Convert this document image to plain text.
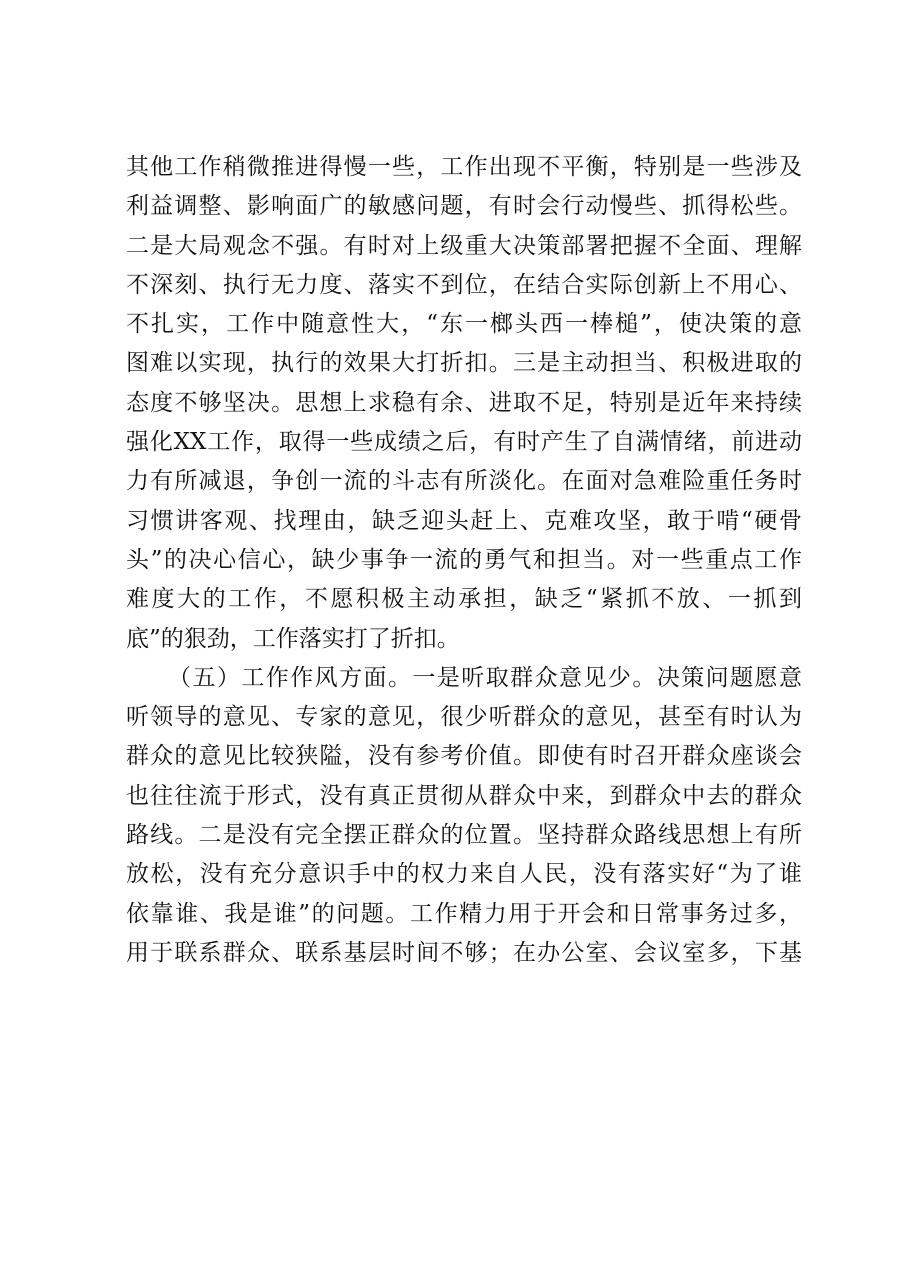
其他工作稍微推进得慢一些，工作出现不平衡，特别是一些涉及
利益调整、影响面广的敏感问题，有时会行动慢些、抓得松些。
二是大局观念不强。有时对上级重大决策部署把握不全面、理解
不深刻、执行无力度、落实不到位，在结合实际创新上不用心、
不扎实，工作中随意性大，“东一榔头西一棒槌”，使决策的意
图难以实现，执行的效果大打折扣。三是主动担当、积极进取的
态度不够坚决。思想上求稳有余、进取不足，特别是近年来持续
强化XX工作，取得一些成绩之后，有时产生了自满情绪，前进动
力有所减退，争创一流的斗志有所淡化。在面对急难险重任务时
习惯讲客观、找理由，缺乏迎头赶上、克难攻坚，敢于啃“硬骨
头”的决心信心，缺少事争一流的勇气和担当。对一些重点工作
难度大的工作，不愿积极主动承担，缺乏“紧抓不放、一抓到
底”的狠劲，工作落实打了折扣。
（五）工作作风方面。一是听取群众意见少。决策问题愿意
听领导的意见、专家的意见，很少听群众的意见，甚至有时认为
群众的意见比较狭隘，没有参考价值。即使有时召开群众座谈会
也往往流于形式，没有真正贯彻从群众中来，到群众中去的群众
路线。二是没有完全摆正群众的位置。坚持群众路线思想上有所
放松，没有充分意识手中的权力来自人民，没有落实好“为了谁
依靠谁、我是谁”的问题。工作精力用于开会和日常事务过多，
用于联系群众、联系基层时间不够；在办公室、会议室多，下基
